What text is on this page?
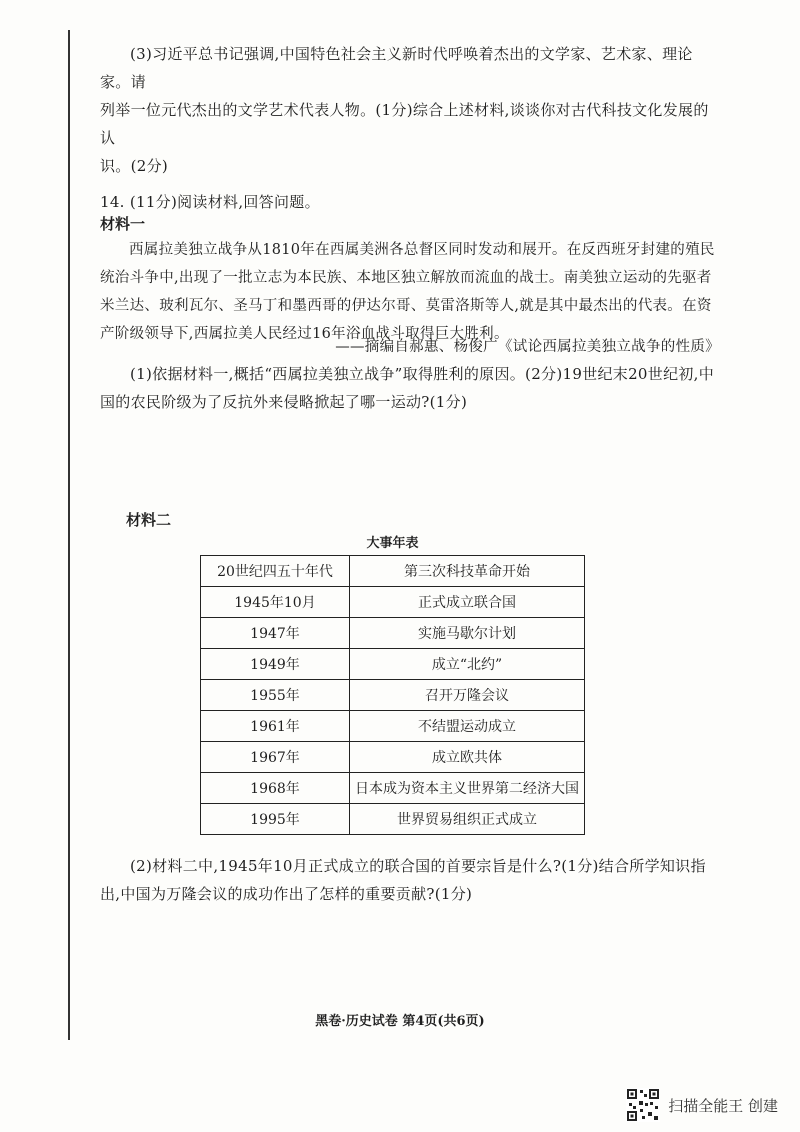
(3)习近平总书记强调,中国特色社会主义新时代呼唤着杰出的文学家、艺术家、理论家。请
列举一位元代杰出的文学艺术代表人物。(1分)综合上述材料,谈谈你对古代科技文化发展的认
识。(2分)
14. (11分)阅读材料,回答问题。
材料一
西属拉美独立战争从1810年在西属美洲各总督区同时发动和展开。在反西班牙封建的殖民统治斗争中,出现了一批立志为本民族、本地区独立解放而流血的战士。南美独立运动的先驱者米兰达、玻利瓦尔、圣马丁和墨西哥的伊达尔哥、莫雷洛斯等人,就是其中最杰出的代表。在资产阶级领导下,西属拉美人民经过16年浴血战斗取得巨大胜利。
——摘编自郝惠、杨俊广《试论西属拉美独立战争的性质》
(1)依据材料一,概括“西属拉美独立战争”取得胜利的原因。(2分)19世纪末20世纪初,中国的农民阶级为了反抗外来侵略掀起了哪一运动?(1分)
材料二
大事年表
20世纪四五十年代	第三次科技革命开始
1945年10月	正式成立联合国
1947年	实施马歇尔计划
1949年	成立“北约”
1955年	召开万隆会议
1961年	不结盟运动成立
1967年	成立欧共体
1968年	日本成为资本主义世界第二经济大国
1995年	世界贸易组织正式成立
(2)材料二中,1945年10月正式成立的联合国的首要宗旨是什么?(1分)结合所学知识指出,中国为万隆会议的成功作出了怎样的重要贡献?(1分)
黑卷·历史试卷 第4页(共6页)
扫描全能王 创建
